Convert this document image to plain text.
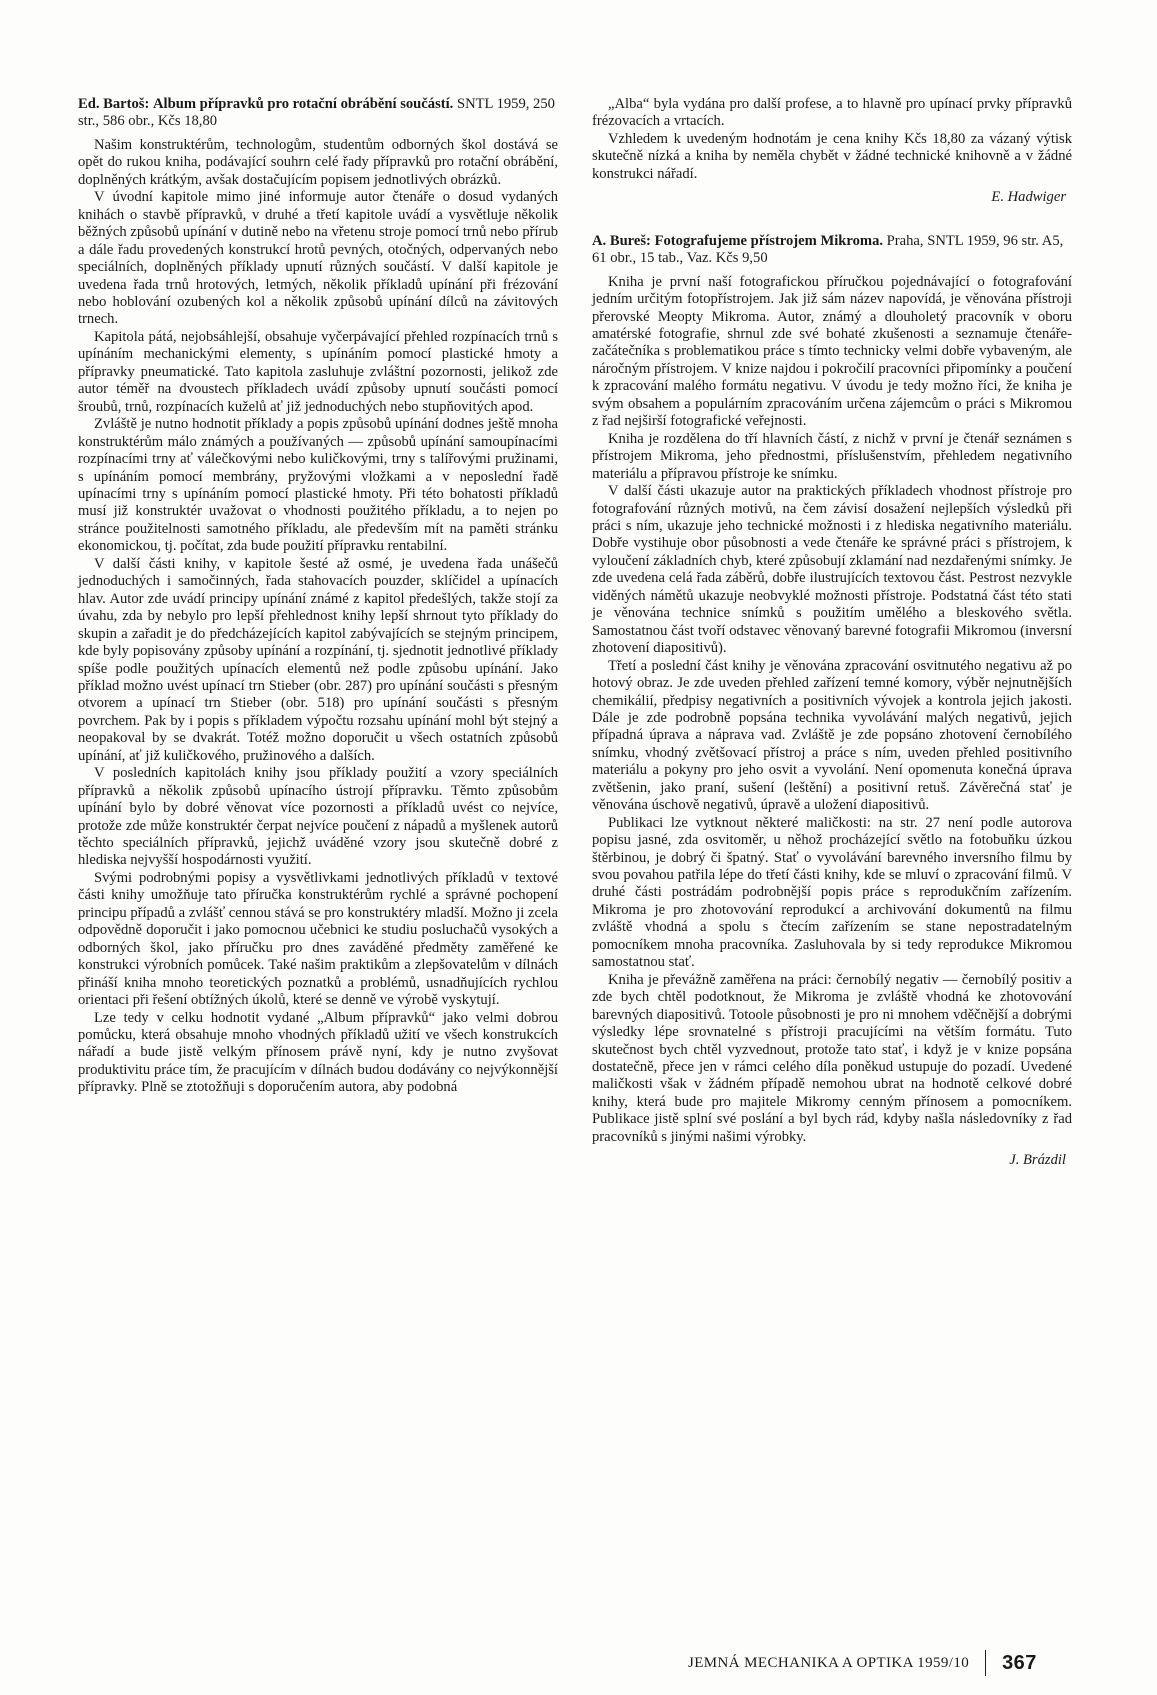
Ed. Bartoš: Album přípravků pro rotační obrábění součástí. SNTL 1959, 250 str., 586 obr., Kčs 18,80

Našim konstruktérům, technologům, studentům odborných škol dostává se opět do rukou kniha, podávající souhrn celé řady přípravků pro rotační obrábění, doplněných krátkým, avšak dostačujícím popisem jednotlivých obrázků.

V úvodní kapitole mimo jiné informuje autor čtenáře o dosud vydaných knihách o stavbě přípravků, v druhé a třetí kapitole uvádí a vysvětluje několik běžných způsobů upínání v dutině nebo na vřetenu stroje pomocí trnů nebo přírub a dále řadu provedených konstrukcí hrotů pevných, otočných, odpervaných nebo speciálních, doplněných příklady upnutí různých součástí. V další kapitole je uvedena řada trnů hrotových, letmých, několik příkladů upínání při frézování nebo hoblování ozubených kol a několik způsobů upínání dílců na závitových trnech.

Kapitola pátá, nejobsáhlejší, obsahuje vyčerpávající přehled rozpínacích trnů s upínáním mechanickými elementy, s upínáním pomocí plastické hmoty a přípravky pneumatické. Tato kapitola zasluhuje zvláštní pozornosti, jelikož zde autor téměř na dvoustech příkladech uvádí způsoby upnutí součásti pomocí šroubů, trnů, rozpínacích kuželů ať již jednoduchých nebo stupňovitých apod.

Zvláště je nutno hodnotit příklady a popis způsobů upínání dodnes ještě mnoha konstruktérům málo známých a používaných — způsobů upínání samoupínacími rozpínacími trny ať válečkovými nebo kuličkovými, trny s talířovými pružinami, s upínáním pomocí membrány, pryžovými vložkami a v neposlední řadě upínacími trny s upínáním pomocí plastické hmoty. Při této bohatosti příkladů musí již konstruktér uvažovat o vhodnosti použitého příkladu, a to nejen po stránce použitelnosti samotného příkladu, ale především mít na paměti stránku ekonomickou, tj. počítat, zda bude použití přípravku rentabilní.

V další části knihy, v kapitole šesté až osmé, je uvedena řada unášečů jednoduchých i samočinných, řada stahovacích pouzder, sklíčidel a upínacích hlav. Autor zde uvádí principy upínání známé z kapitol předešlých, takže stojí za úvahu, zda by nebylo pro lepší přehlednost knihy lepší shrnout tyto příklady do skupin a zařadit je do předcházejících kapitol zabývajících se stejným principem, kde byly popisovány způsoby upínání a rozpínání, tj. sjednotit jednotlivé příklady spíše podle použitých upínacích elementů než podle způsobu upínání. Jako příklad možno uvést upínací trn Stieber (obr. 287) pro upínání součásti s přesným otvorem a upínací trn Stieber (obr. 518) pro upínání součásti s přesným povrchem. Pak by i popis s příkladem výpočtu rozsahu upínání mohl být stejný a neopakoval by se dvakrát. Totéž možno doporučit u všech ostatních způsobů upínání, ať již kuličkového, pružinového a dalších.

V posledních kapitolách knihy jsou příklady použití a vzory speciálních přípravků a několik způsobů upínacího ústrojí přípravku. Těmto způsobům upínání bylo by dobré věnovat více pozornosti a příkladů uvést co nejvíce, protože zde může konstruktér čerpat nejvíce poučení z nápadů a myšlenek autorů těchto speciálních přípravků, jejichž uváděné vzory jsou skutečně dobré z hlediska nejvyšší hospodárnosti využití.

Svými podrobnými popisy a vysvětlivkami jednotlivých příkladů v textové části knihy umožňuje tato příručka konstruktérům rychlé a správné pochopení principu případů a zvlášť cennou stává se pro konstruktéry mladší. Možno ji zcela odpovědně doporučit i jako pomocnou učebnici ke studiu posluchačů vysokých a odborných škol, jako příručku pro dnes zaváděné předměty zaměřené ke konstrukci výrobních pomůcek. Také našim praktikům a zlepšovatelům v dílnách přináší kniha mnoho teoretických poznatků a problémů, usnadňujících rychlou orientaci při řešení obtížných úkolů, které se denně ve výrobě vyskytují.

Lze tedy v celku hodnotit vydané „Album přípravků“ jako velmi dobrou pomůcku, která obsahuje mnoho vhodných příkladů užití ve všech konstrukcích nářadí a bude jistě velkým přínosem právě nyní, kdy je nutno zvyšovat produktivitu práce tím, že pracujícím v dílnách budou dodávány co nejvýkonnější přípravky. Plně se ztotožňuji s doporučením autora, aby podobná

„Alba“ byla vydána pro další profese, a to hlavně pro upínací prvky přípravků frézovacích a vrtacích.

Vzhledem k uvedeným hodnotám je cena knihy Kčs 18,80 za vázaný výtisk skutečně nízká a kniha by neměla chybět v žádné technické knihovně a v žádné konstrukci nářadí.

E. Hadwiger

A. Bureš: Fotografujeme přístrojem Mikroma. Praha, SNTL 1959, 96 str. A5, 61 obr., 15 tab., Vaz. Kčs 9,50

Kniha je první naší fotografickou příručkou pojednávající o fotografování jedním určitým fotopřístrojem. Jak již sám název napovídá, je věnována přístroji přerovské Meopty Mikroma. Autor, známý a dlouholetý pracovník v oboru amatérské fotografie, shrnul zde své bohaté zkušenosti a seznamuje čtenáře-začátečníka s problematikou práce s tímto technicky velmi dobře vybaveným, ale náročným přístrojem. V knize najdou i pokročilí pracovníci připomínky a poučení k zpracování malého formátu negativu. V úvodu je tedy možno říci, že kniha je svým obsahem a populárním zpracováním určena zájemcům o práci s Mikromou z řad nejširší fotografické veřejnosti.

Kniha je rozdělena do tří hlavních částí, z nichž v první je čtenář seznámen s přístrojem Mikroma, jeho přednostmi, příslušenstvím, přehledem negativního materiálu a přípravou přístroje ke snímku.

V další části ukazuje autor na praktických příkladech vhodnost přístroje pro fotografování různých motivů, na čem závisí dosažení nejlepších výsledků při práci s ním, ukazuje jeho technické možnosti i z hlediska negativního materiálu. Dobře vystihuje obor působnosti a vede čtenáře ke správné práci s přístrojem, k vyloučení základních chyb, které způsobují zklamání nad nezdařenými snímky. Je zde uvedena celá řada záběrů, dobře ilustrujících textovou část. Pestrost nezvykle viděných námětů ukazuje neobvyklé možnosti přístroje. Podstatná část této stati je věnována technice snímků s použitím umělého a bleskového světla. Samostatnou část tvoří odstavec věnovaný barevné fotografii Mikromou (inversní zhotovení diapositivů).

Třetí a poslední část knihy je věnována zpracování osvitnutého negativu až po hotový obraz. Je zde uveden přehled zařízení temné komory, výběr nejnutnějších chemikálií, předpisy negativních a positivních vývojek a kontrola jejich jakosti. Dále je zde podrobně popsána technika vyvolávání malých negativů, jejich případná úprava a náprava vad. Zvláště je zde popsáno zhotovení černobílého snímku, vhodný zvětšovací přístroj a práce s ním, uveden přehled positivního materiálu a pokyny pro jeho osvit a vyvolání. Není opomenuta konečná úprava zvětšenin, jako praní, sušení (leštění) a positivní retuš. Závěrečná stať je věnována úschově negativů, úpravě a uložení diapositivů.

Publikaci lze vytknout některé maličkosti: na str. 27 není podle autorova popisu jasné, zda osvitoměr, u něhož procházející světlo na fotobuňku úzkou štěrbinou, je dobrý či špatný. Stať o vyvolávání barevného inversního filmu by svou povahou patřila lépe do třetí části knihy, kde se mluví o zpracování filmů. V druhé části postrádám podrobnější popis práce s reprodukčním zařízením. Mikroma je pro zhotovování reprodukcí a archivování dokumentů na filmu zvláště vhodná a spolu s čtecím zařízením se stane nepostradatelným pomocníkem mnoha pracovníka. Zasluhovala by si tedy reprodukce Mikromou samostatnou stať.

Kniha je převážně zaměřena na práci: černobílý negativ — černobílý positiv a zde bych chtěl podotknout, že Mikroma je zvláště vhodná ke zhotovování barevných diapositivů. Totoole působnosti je pro ni mnohem vděčnější a dobrými výsledky lépe srovnatelné s přístroji pracujícími na větším formátu. Tuto skutečnost bych chtěl vyzvednout, protože tato stať, i když je v knize popsána dostatečně, přece jen v rámci celého díla poněkud ustupuje do pozadí. Uvedené maličkosti však v žádném případě nemohou ubrat na hodnotě celkové dobré knihy, která bude pro majitele Mikromy cenným přínosem a pomocníkem. Publikace jistě splní své poslání a byl bych rád, kdyby našla následovníky z řad pracovníků s jinými našimi výrobky.

J. Brázdil

JEMNÁ MECHANIKA A OPTIKA 1959/10 367
